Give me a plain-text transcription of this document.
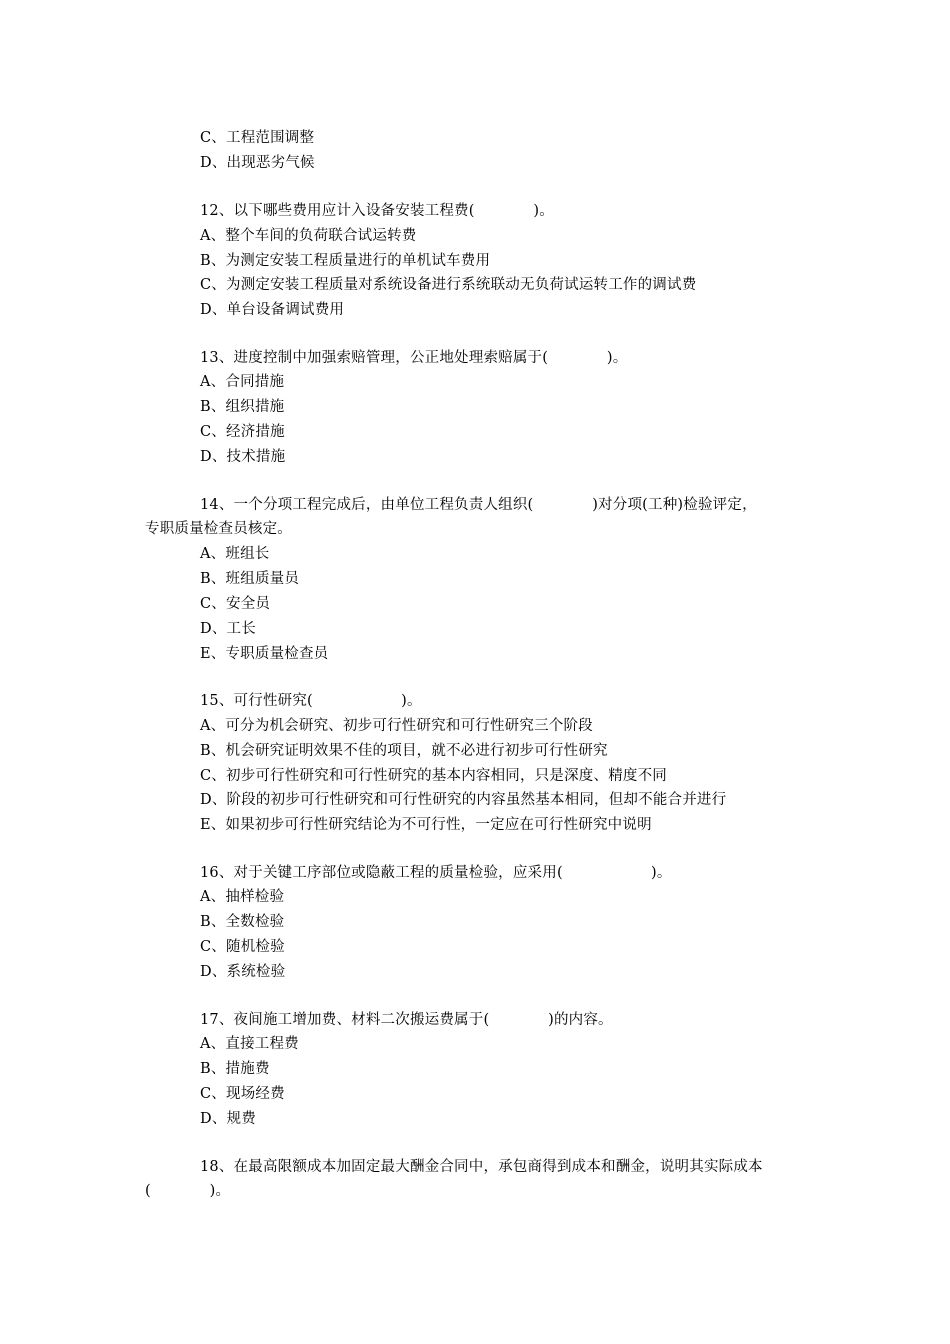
C、工程范围调整
D、出现恶劣气候
12、以下哪些费用应计入设备安装工程费(　　　　)。
A、整个车间的负荷联合试运转费
B、为测定安装工程质量进行的单机试车费用
C、为测定安装工程质量对系统设备进行系统联动无负荷试运转工作的调试费
D、单台设备调试费用
13、进度控制中加强索赔管理，公正地处理索赔属于(　　　　)。
A、合同措施
B、组织措施
C、经济措施
D、技术措施
14、一个分项工程完成后，由单位工程负责人组织(　　　　)对分项(工种)检验评定，
专职质量检查员核定。
A、班组长
B、班组质量员
C、安全员
D、工长
E、专职质量检查员
15、可行性研究(　　　　　　)。
A、可分为机会研究、初步可行性研究和可行性研究三个阶段
B、机会研究证明效果不佳的项目，就不必进行初步可行性研究
C、初步可行性研究和可行性研究的基本内容相同，只是深度、精度不同
D、阶段的初步可行性研究和可行性研究的内容虽然基本相同，但却不能合并进行
E、如果初步可行性研究结论为不可行性，一定应在可行性研究中说明
16、对于关键工序部位或隐蔽工程的质量检验，应采用(　　　　　　)。
A、抽样检验
B、全数检验
C、随机检验
D、系统检验
17、夜间施工增加费、材料二次搬运费属于(　　　　)的内容。
A、直接工程费
B、措施费
C、现场经费
D、规费
18、在最高限额成本加固定最大酬金合同中，承包商得到成本和酬金，说明其实际成本
(　　　　)。
